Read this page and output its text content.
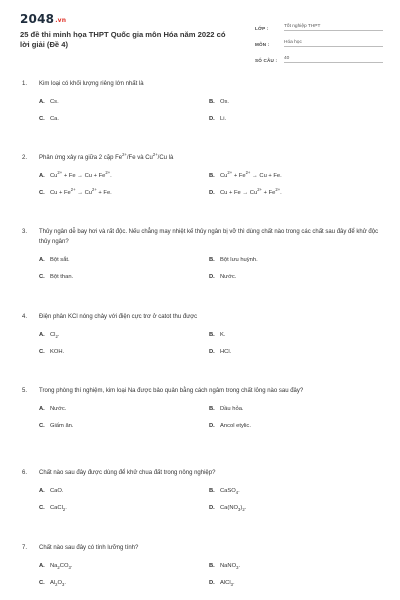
2048.vn
25 đề thi minh họa THPT Quốc gia môn Hóa năm 2022 có lời giải (Đề 4)
LỚP :	Tốt nghiệp THPT
MÔN :	Hóa học
SỐ CÂU :	40
1.	Kim loại có khối lượng riêng lớn nhất là
A. Cs.	B. Os.
C. Ca.	D. Li.
2.	Phản ứng xảy ra giữa 2 cặp $Fe^{2+}/Fe$ và $Cu^{2+}/Cu$ là
A. $Cu^{2+} + Fe \to Cu + Fe^{2+}$.	B. $Cu^{2+} + Fe^{2+} \to Cu + Fe$.
C. $Cu + Fe^{2+} \to Cu^{2+} + Fe$.	D. $Cu + Fe \to Cu^{2+} + Fe^{2+}$.
3.	Thủy ngân dễ bay hơi và rất độc. Nếu chẳng may nhiệt kế thủy ngân bị vỡ thì dùng chất nào trong các chất sau đây để khử độc thủy ngân?
A. Bột sắt.	B. Bột lưu huỳnh.
C. Bột than.	D. Nước.
4.	Điện phân KCl nóng chảy với điện cực trơ ở catot thu được
A. $Cl_2$.	B. K.
C. KOH.	D. HCl.
5.	Trong phòng thí nghiệm, kim loại Na được bảo quản bằng cách ngâm trong chất lỏng nào sau đây?
A. Nước.	B. Dầu hỏa.
C. Giấm ăn.	D. Ancol etylic.
6.	Chất nào sau đây được dùng để khử chua đất trong nông nghiệp?
A. CaO.	B. CaSO$_4$.
C. CaCl$_2$.	D. $Ca(NO_3)_2$.
7.	Chất nào sau đây có tính lưỡng tính?
A. $Na_2CO_3$.	B. NaNO$_3$.
C. $Al_2O_3$.	D. AlCl$_3$.
